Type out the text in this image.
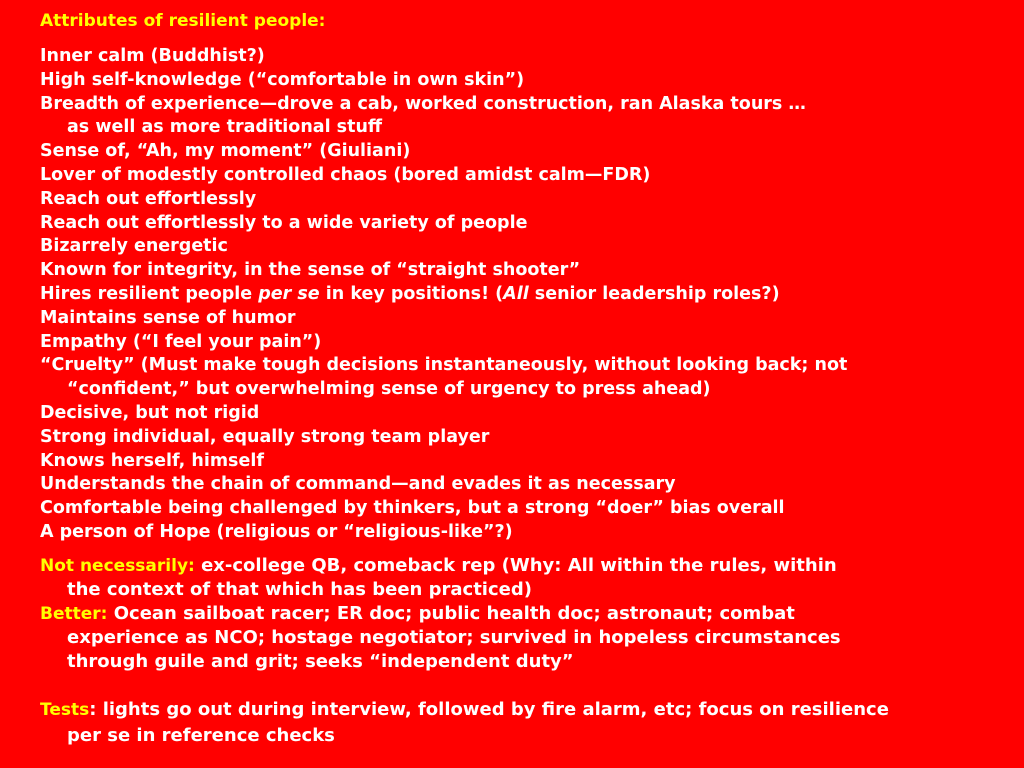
Attributes of resilient people:
Inner calm (Buddhist?)
High self-knowledge (“comfortable in own skin”)
Breadth of experience—drove a cab, worked construction, ran Alaska tours …
as well as more traditional stuff
Sense of, “Ah, my moment” (Giuliani)
Lover of modestly controlled chaos (bored amidst calm—FDR)
Reach out effortlessly
Reach out effortlessly to a wide variety of people
Bizarrely energetic
Known for integrity, in the sense of “straight shooter”
Hires resilient people per se in key positions! (All senior leadership roles?)
Maintains sense of humor
Empathy (“I feel your pain”)
“Cruelty” (Must make tough decisions instantaneously, without looking back; not
“confident,” but overwhelming sense of urgency to press ahead)
Decisive, but not rigid
Strong individual, equally strong team player
Knows herself, himself
Understands the chain of command—and evades it as necessary
Comfortable being challenged by thinkers, but a strong “doer” bias overall
A person of Hope (religious or “religious-like”?)
Not necessarily: ex-college QB, comeback rep (Why: All within the rules, within
the context of that which has been practiced)
Better: Ocean sailboat racer; ER doc; public health doc; astronaut; combat
experience as NCO; hostage negotiator; survived in hopeless circumstances
through guile and grit; seeks “independent duty”
Tests: lights go out during interview, followed by fire alarm, etc; focus on resilience
per se in reference checks
